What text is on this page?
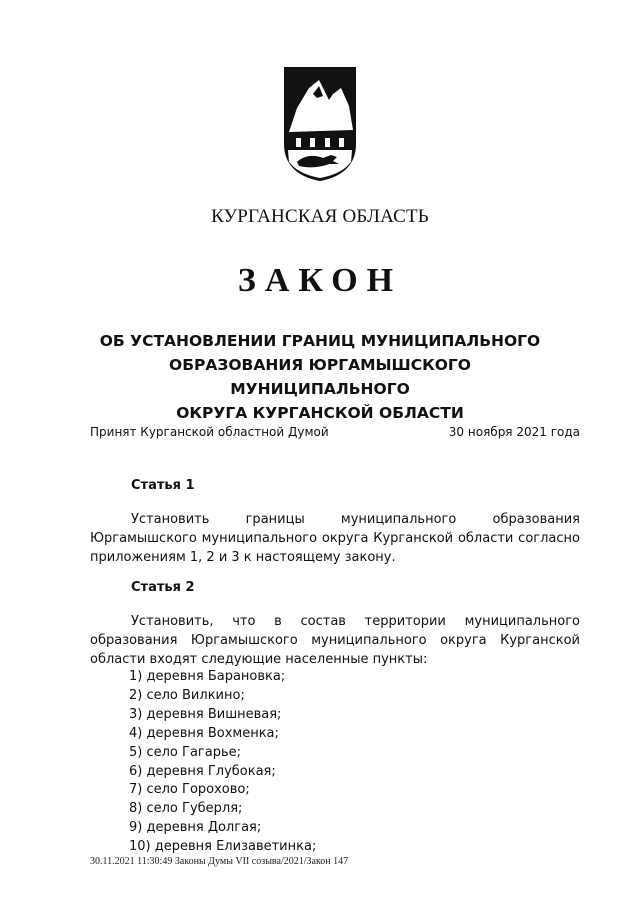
КУРГАНСКАЯ ОБЛАСТЬ
ЗАКОН
ОБ УСТАНОВЛЕНИИ ГРАНИЦ МУНИЦИПАЛЬНОГО
ОБРАЗОВАНИЯ ЮРГАМЫШСКОГО МУНИЦИПАЛЬНОГО
ОКРУГА КУРГАНСКОЙ ОБЛАСТИ
Принят Курганской областной Думой	30 ноября 2021 года
Статья 1
Установить границы муниципального образования Юргамышского муниципального округа Курганской области согласно приложениям 1, 2 и 3 к настоящему закону.
Статья 2
Установить, что в состав территории муниципального образования Юргамышского муниципального округа Курганской области входят следующие населенные пункты:
1) деревня Барановка;
2) село Вилкино;
3) деревня Вишневая;
4) деревня Вохменка;
5) село Гагарье;
6) деревня Глубокая;
7) село Горохово;
8) село Губерля;
9) деревня Долгая;
10) деревня Елизаветинка;
30.11.2021 11:30:49 Законы Думы VII созыва/2021/Закон 147
